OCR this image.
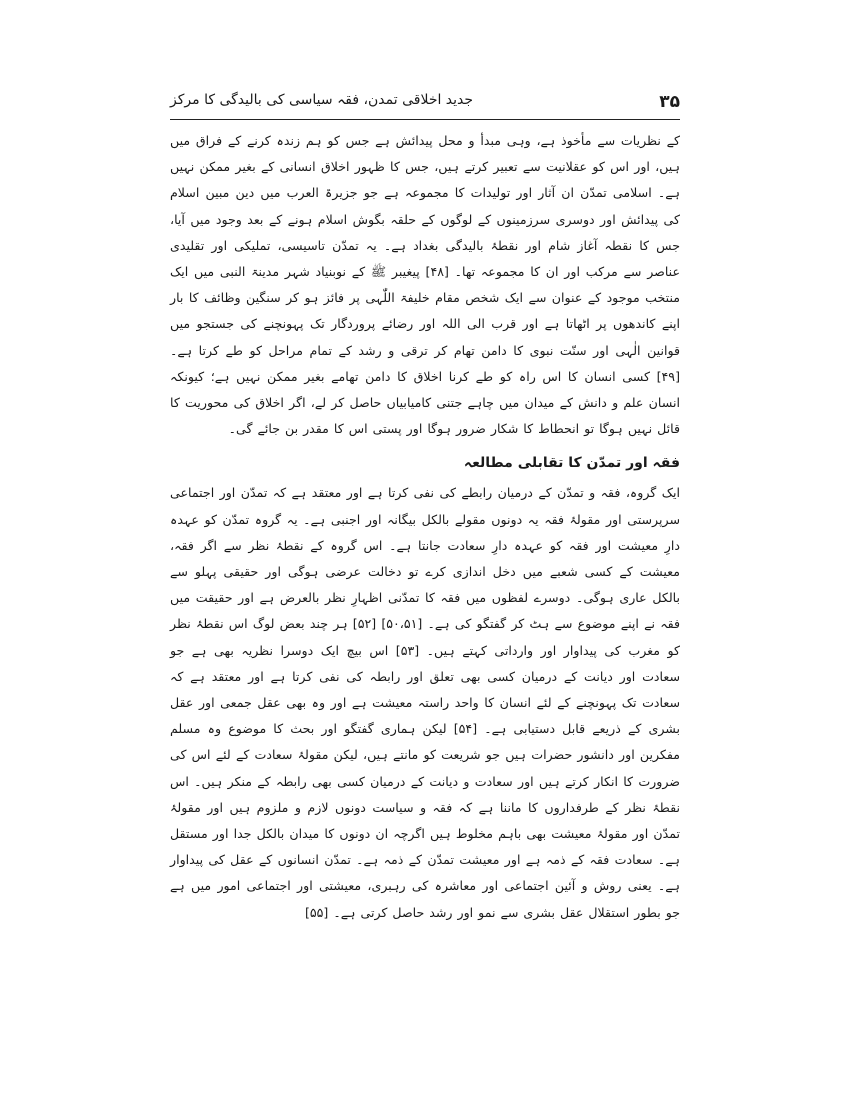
۳۵
جدید اخلاقی تمدن، فقہ سیاسی کی بالیدگی کا مرکز

کے نظریات سے مأخوذ ہے، وہی مبدأ و محل پیدائش ہے جس کو ہم زندہ کرنے کے فراق میں ہیں، اور اس کو عقلانیت سے تعبیر کرتے ہیں، جس کا ظہور اخلاق انسانی کے بغیر ممکن نہیں ہے۔ اسلامی تمدّن ان آثار اور تولیدات کا مجموعہ ہے جو جزیرۃ العرب میں دین مبین اسلام کی پیدائش اور دوسری سرزمینوں کے لوگوں کے حلقہ بگوش اسلام ہونے کے بعد وجود میں آیا، جس کا نقطہ آغاز شام اور نقطۂ بالیدگی بغداد ہے۔ یہ تمدّن تاسیسی، تملیکی اور تقلیدی عناصر سے مرکب اور ان کا مجموعہ تھا۔ [۴۸] پیغیبر ﷺ کے نوبنیاد شہر مدینۃ النبی میں ایک منتخب موجود کے عنوان سے ایک شخص مقام خلیفۃ اللّٰہی پر فائز ہو کر سنگین وظائف کا بار اپنے کاندھوں پر اٹھاتا ہے اور قرب الی اللہ اور رضائے پروردگار تک پہونچنے کی جستجو میں قوانین الٰہی اور سنّت نبوی کا دامن تھام کر ترقی و رشد کے تمام مراحل کو طے کرتا ہے۔ [۴۹] کسی انسان کا اس راہ کو طے کرنا اخلاق کا دامن تھامے بغیر ممکن نہیں ہے؛ کیونکہ انسان علم و دانش کے میدان میں چاہے جتنی کامیابیاں حاصل کر لے، اگر اخلاق کی محوریت کا قائل نہیں ہوگا تو انحطاط کا شکار ضرور ہوگا اور پستی اس کا مقدر بن جائے گی۔

فقہ اور تمدّن کا تقابلی مطالعہ

ایک گروہ، فقہ و تمدّن کے درمیان رابطے کی نفی کرتا ہے اور معتقد ہے کہ تمدّن اور اجتماعی سرپرستی اور مقولۂ فقہ یہ دونوں مقولے بالکل بیگانہ اور اجنبی ہے۔ یہ گروہ تمدّن کو عہدہ دارِ معیشت اور فقہ کو عہدہ دارِ سعادت جانتا ہے۔ اس گروہ کے نقطۂ نظر سے اگر فقہ، معیشت کے کسی شعبے میں دخل اندازی کرے تو دخالت عرضی ہوگی اور حقیقی پہلو سے بالکل عاری ہوگی۔ دوسرے لفظوں میں فقہ کا تمدّنی اظہارِ نظر بالعرض ہے اور حقیقت میں فقہ نے اپنے موضوع سے ہٹ کر گفتگو کی ہے۔ [۵۰،۵۱] [۵۲] ہر چند بعض لوگ اس نقطۂ نظر کو مغرب کی پیداوار اور وارداتی کہتے ہیں۔ [۵۳] اس بیچ ایک دوسرا نظریہ بھی ہے جو سعادت اور دیانت کے درمیان کسی بھی تعلق اور رابطہ کی نفی کرتا ہے اور معتقد ہے کہ سعادت تک پہونچنے کے لئے انسان کا واحد راستہ معیشت ہے اور وہ بھی عقل جمعی اور عقل بشری کے ذریعے قابل دستیابی ہے۔ [۵۴] لیکن ہماری گفتگو اور بحث کا موضوع وہ مسلم مفکرین اور دانشور حضرات ہیں جو شریعت کو مانتے ہیں، لیکن مقولۂ سعادت کے لئے اس کی ضرورت کا انکار کرتے ہیں اور سعادت و دیانت کے درمیان کسی بھی رابطہ کے منکر ہیں۔ اس نقطۂ نظر کے طرفداروں کا ماننا ہے کہ فقہ و سیاست دونوں لازم و ملزوم ہیں اور مقولۂ تمدّن اور مقولۂ معیشت بھی باہم مخلوط ہیں اگرچہ ان دونوں کا میدان بالکل جدا اور مستقل ہے۔ سعادت فقہ کے ذمہ ہے اور معیشت تمدّن کے ذمہ ہے۔ تمدّن انسانوں کے عقل کی پیداوار ہے۔ یعنی روش و آئین اجتماعی اور معاشرہ کی رہبری، معیشتی اور اجتماعی امور میں ہے جو بطور استقلال عقل بشری سے نمو اور رشد حاصل کرتی ہے۔ [۵۵]
